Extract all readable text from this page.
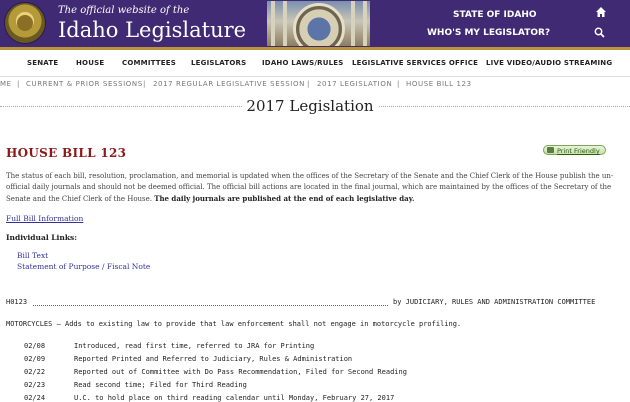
The official website of the
Idaho Legislature
STATE OF IDAHO
WHO'S MY LEGISLATOR?
SENATE	HOUSE	COMMITTEES LEGISLATORS IDAHO LAWS/RULES LEGISLATIVE SERVICES OFFICE LIVE VIDEO/AUDIO STREAMING
ME | CURRENT & PRIOR SESSIONS | 2017 REGULAR LEGISLATIVE SESSION | 2017 LEGISLATION | HOUSE BILL 123
2017 Legislation
HOUSE BILL 123	Print Friendly
The status of each bill, resolution, proclamation, and memorial is updated when the offices of the Secretary of the Senate and the Chief Clerk of the House publish the un-official daily journals and should not be deemed official. The official bill actions are located in the final journal, which are maintained by the offices of the Secretary of the Senate and the Chief Clerk of the House. The daily journals are published at the end of each legislative day.
Full Bill Information
Individual Links:
Bill Text
Statement of Purpose / Fiscal Note
H0123	by JUDICIARY, RULES AND ADMINISTRATION COMMITTEE
MOTORCYCLES – Adds to existing law to provide that law enforcement shall not engage in motorcycle profiling.
02/08	Introduced, read first time, referred to JRA for Printing
02/09	Reported Printed and Referred to Judiciary, Rules & Administration
02/22	Reported out of Committee with Do Pass Recommendation, Filed for Second Reading
02/23	Read second time; Filed for Third Reading
02/24	U.C. to hold place on third reading calendar until Monday, February 27, 2017
